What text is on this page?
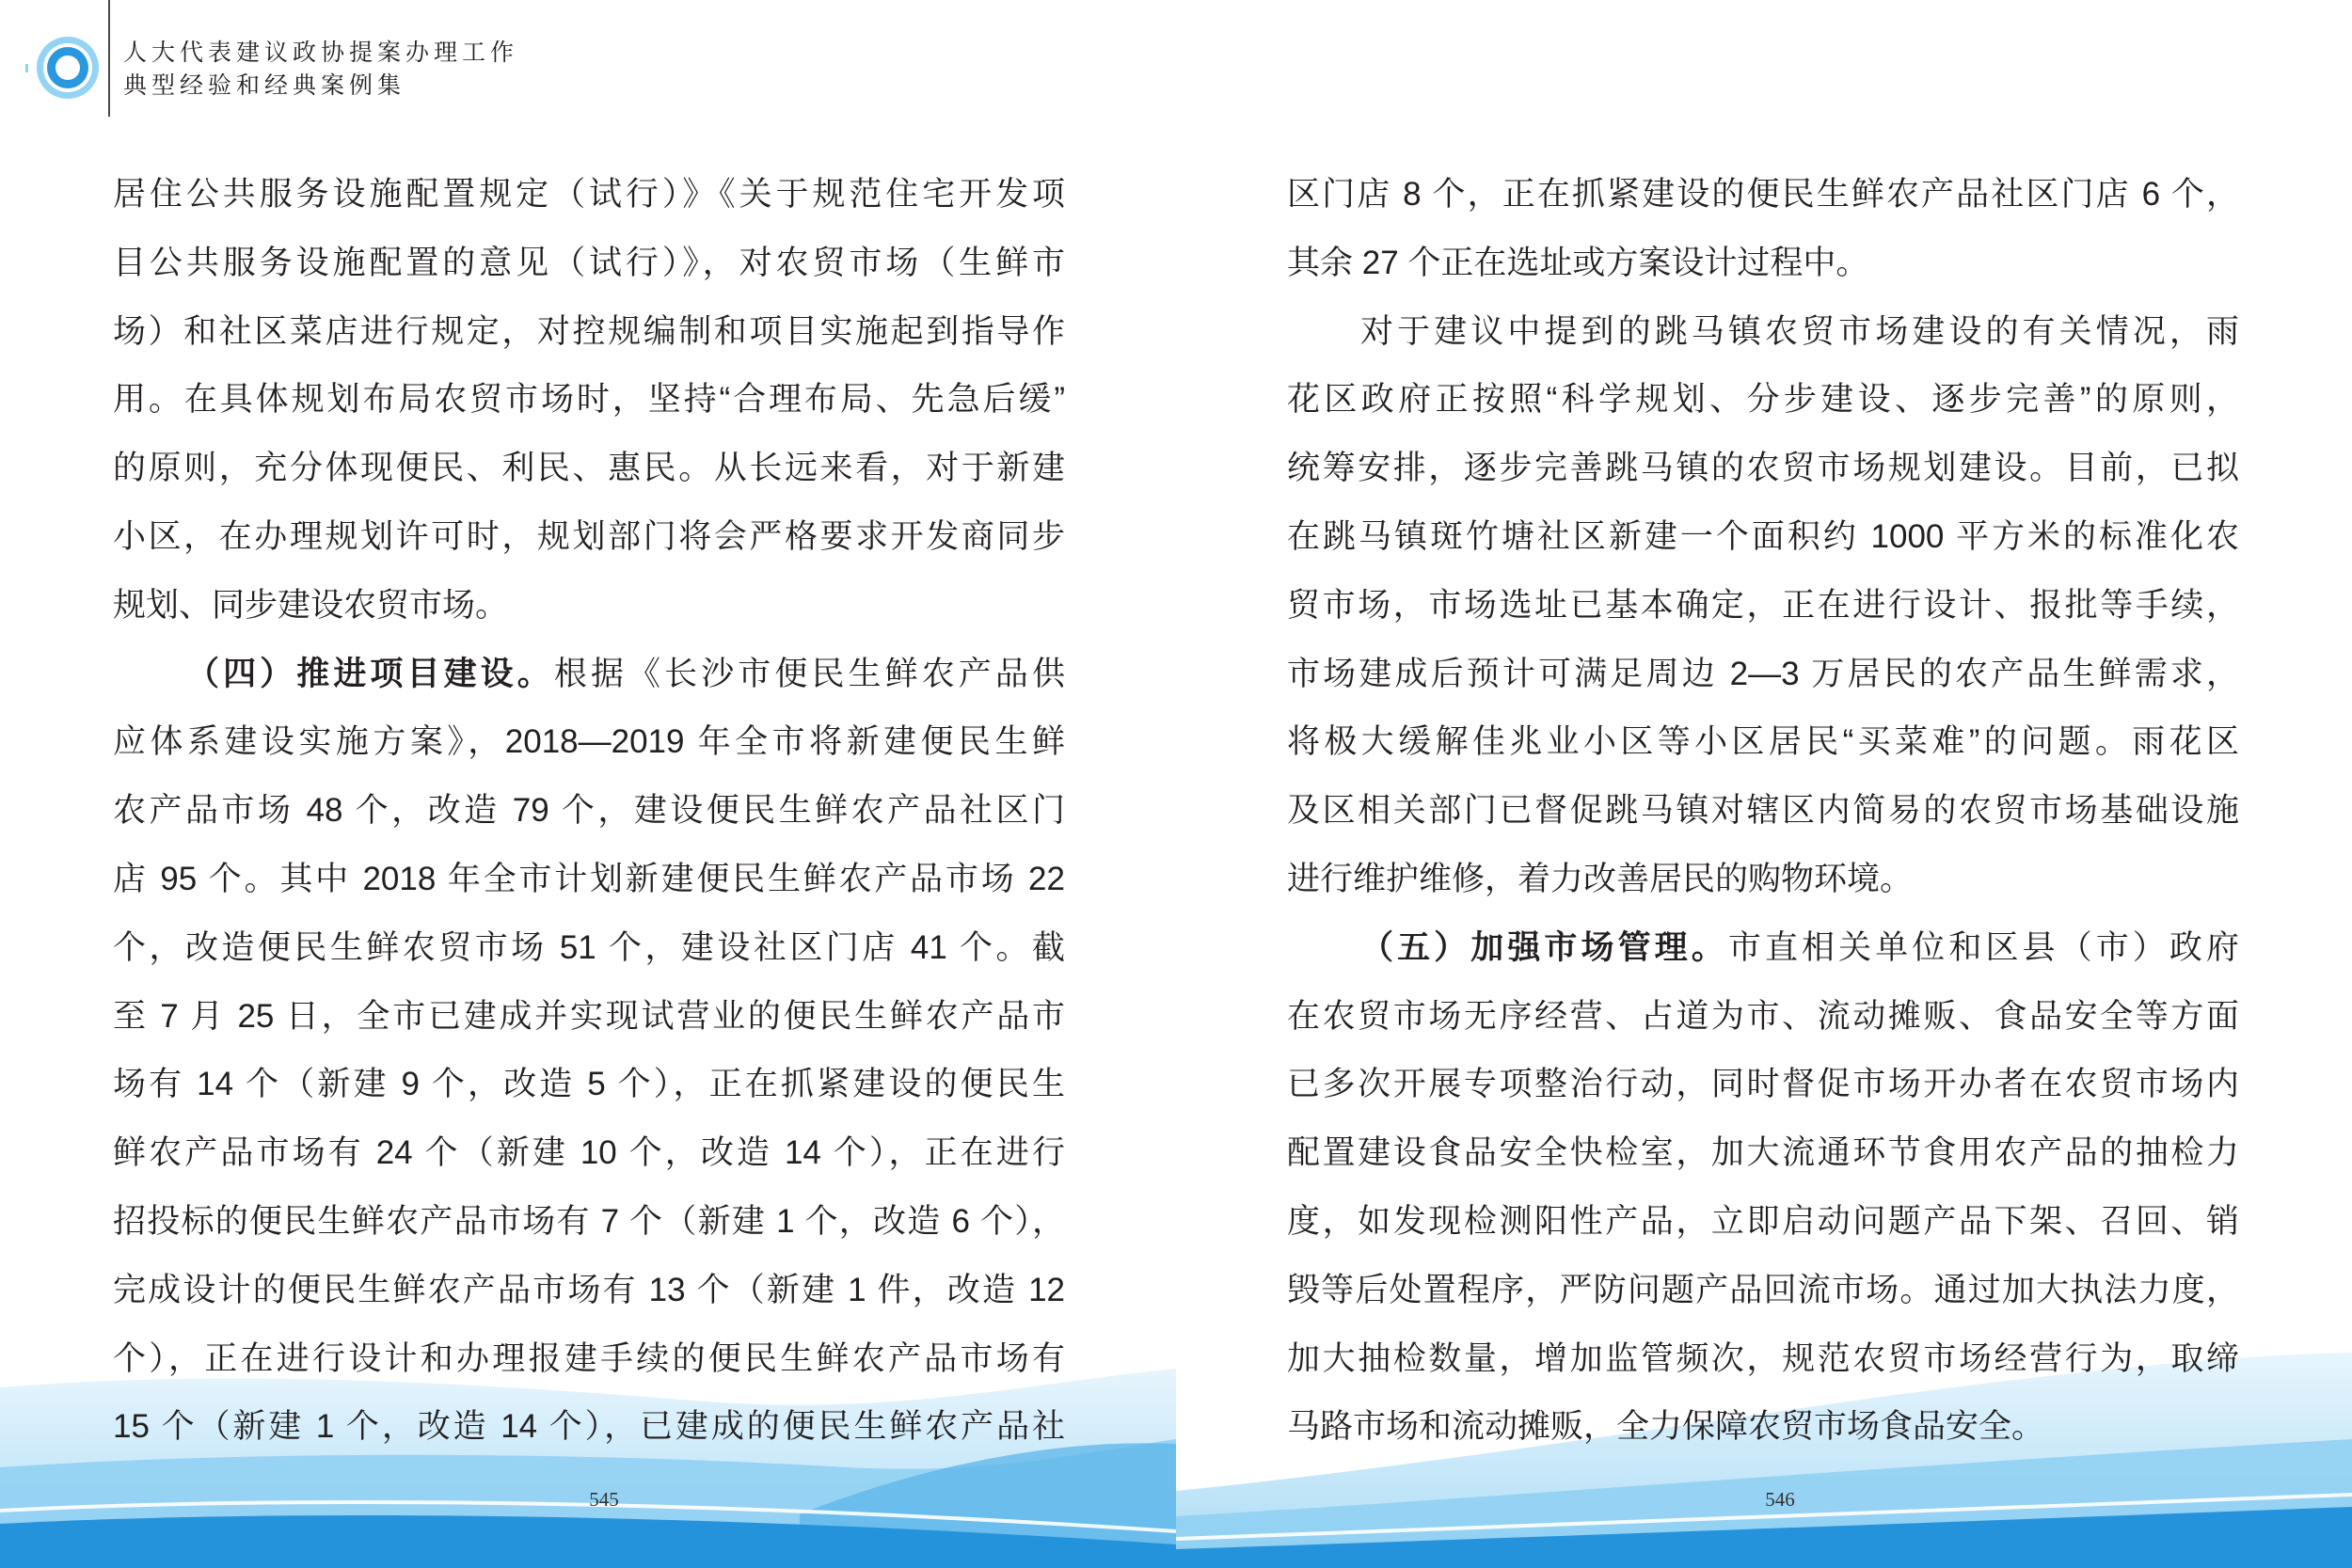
人大代表建议政协提案办理工作
典型经验和经典案例集
居住公共服务设施配置规定（试行）》《关于规范住宅开发项
目公共服务设施配置的意见（试行）》，对农贸市场（生鲜市
场）和社区菜店进行规定，对控规编制和项目实施起到指导作
用。在具体规划布局农贸市场时，坚持“合理布局、先急后缓”
的原则，充分体现便民、利民、惠民。从长远来看，对于新建
小区，在办理规划许可时，规划部门将会严格要求开发商同步
规划、同步建设农贸市场。
（四）推进项目建设。根据《长沙市便民生鲜农产品供
应体系建设实施方案》，2018—2019 年全市将新建便民生鲜
农产品市场 48 个，改造 79 个，建设便民生鲜农产品社区门
店 95 个。其中 2018 年全市计划新建便民生鲜农产品市场 22
个，改造便民生鲜农贸市场 51 个，建设社区门店 41 个。截
至 7 月 25 日，全市已建成并实现试营业的便民生鲜农产品市
场有 14 个（新建 9 个，改造 5 个），正在抓紧建设的便民生
鲜农产品市场有 24 个（新建 10 个，改造 14 个），正在进行
招投标的便民生鲜农产品市场有 7 个（新建 1 个，改造 6 个），
完成设计的便民生鲜农产品市场有 13 个（新建 1 件，改造 12
个），正在进行设计和办理报建手续的便民生鲜农产品市场有
15 个（新建 1 个，改造 14 个），已建成的便民生鲜农产品社
区门店 8 个，正在抓紧建设的便民生鲜农产品社区门店 6 个，
其余 27 个正在选址或方案设计过程中。
对于建议中提到的跳马镇农贸市场建设的有关情况，雨
花区政府正按照“科学规划、分步建设、逐步完善”的原则，
统筹安排，逐步完善跳马镇的农贸市场规划建设。目前，已拟
在跳马镇斑竹塘社区新建一个面积约 1000 平方米的标准化农
贸市场，市场选址已基本确定，正在进行设计、报批等手续，
市场建成后预计可满足周边 2—3 万居民的农产品生鲜需求，
将极大缓解佳兆业小区等小区居民“买菜难”的问题。雨花区
及区相关部门已督促跳马镇对辖区内简易的农贸市场基础设施
进行维护维修，着力改善居民的购物环境。
（五）加强市场管理。市直相关单位和区县（市）政府
在农贸市场无序经营、占道为市、流动摊贩、食品安全等方面
已多次开展专项整治行动，同时督促市场开办者在农贸市场内
配置建设食品安全快检室，加大流通环节食用农产品的抽检力
度，如发现检测阳性产品，立即启动问题产品下架、召回、销
毁等后处置程序，严防问题产品回流市场。通过加大执法力度，
加大抽检数量，增加监管频次，规范农贸市场经营行为，取缔
马路市场和流动摊贩，全力保障农贸市场食品安全。
545	546
